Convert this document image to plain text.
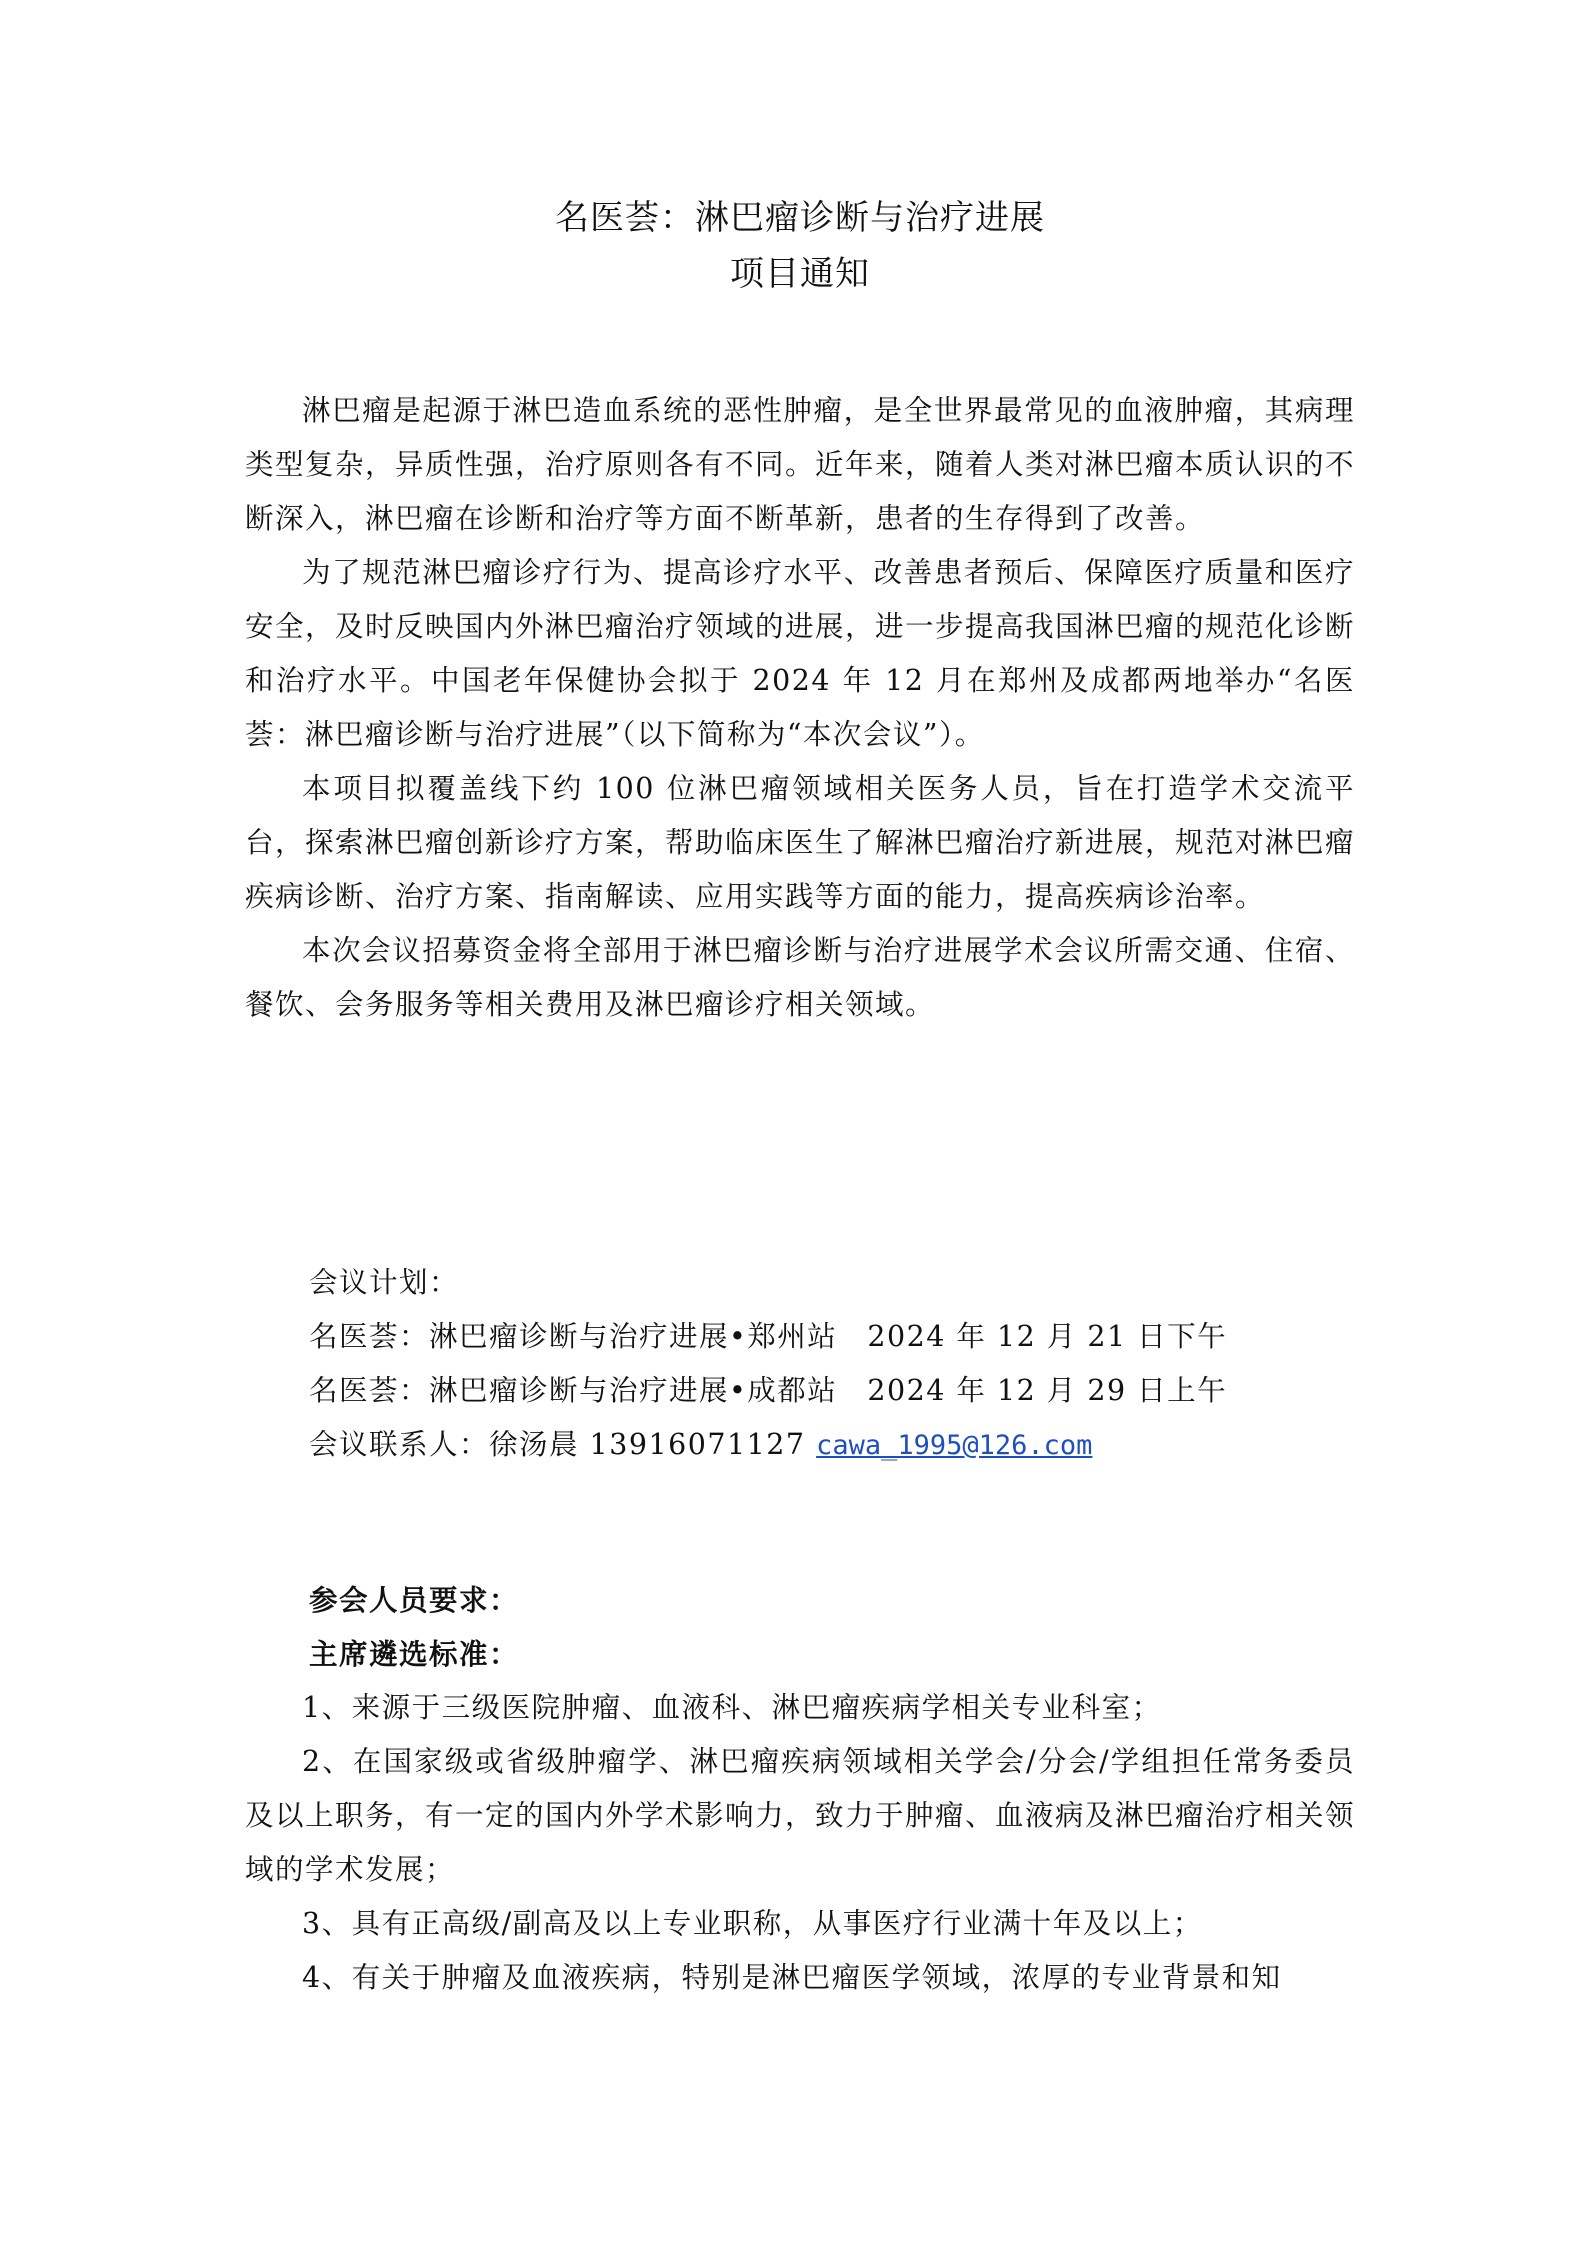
名医荟：淋巴瘤诊断与治疗进展
项目通知

淋巴瘤是起源于淋巴造血系统的恶性肿瘤，是全世界最常见的血液肿瘤，其病理类型复杂，异质性强，治疗原则各有不同。近年来，随着人类对淋巴瘤本质认识的不断深入，淋巴瘤在诊断和治疗等方面不断革新，患者的生存得到了改善。

为了规范淋巴瘤诊疗行为、提高诊疗水平、改善患者预后、保障医疗质量和医疗安全，及时反映国内外淋巴瘤治疗领域的进展，进一步提高我国淋巴瘤的规范化诊断和治疗水平。中国老年保健协会拟于 2024 年 12 月在郑州及成都两地举办“名医荟：淋巴瘤诊断与治疗进展”（以下简称为“本次会议”）。

本项目拟覆盖线下约 100 位淋巴瘤领域相关医务人员，旨在打造学术交流平台，探索淋巴瘤创新诊疗方案，帮助临床医生了解淋巴瘤治疗新进展，规范对淋巴瘤疾病诊断、治疗方案、指南解读、应用实践等方面的能力，提高疾病诊治率。

本次会议招募资金将全部用于淋巴瘤诊断与治疗进展学术会议所需交通、住宿、餐饮、会务服务等相关费用及淋巴瘤诊疗相关领域。

会议计划：
名医荟：淋巴瘤诊断与治疗进展•郑州站 2024 年 12 月 21 日下午
名医荟：淋巴瘤诊断与治疗进展•成都站 2024 年 12 月 29 日上午
会议联系人：徐汤晨 13916071127 cawa_1995@126.com
参会人员要求：
主席遴选标准：

1、来源于三级医院肿瘤、血液科、淋巴瘤疾病学相关专业科室；

2、在国家级或省级肿瘤学、淋巴瘤疾病领域相关学会/分会/学组担任常务委员及以上职务，有一定的国内外学术影响力，致力于肿瘤、血液病及淋巴瘤治疗相关领域的学术发展；

3、具有正高级/副高及以上专业职称，从事医疗行业满十年及以上；

4、有关于肿瘤及血液疾病，特别是淋巴瘤医学领域，浓厚的专业背景和知
